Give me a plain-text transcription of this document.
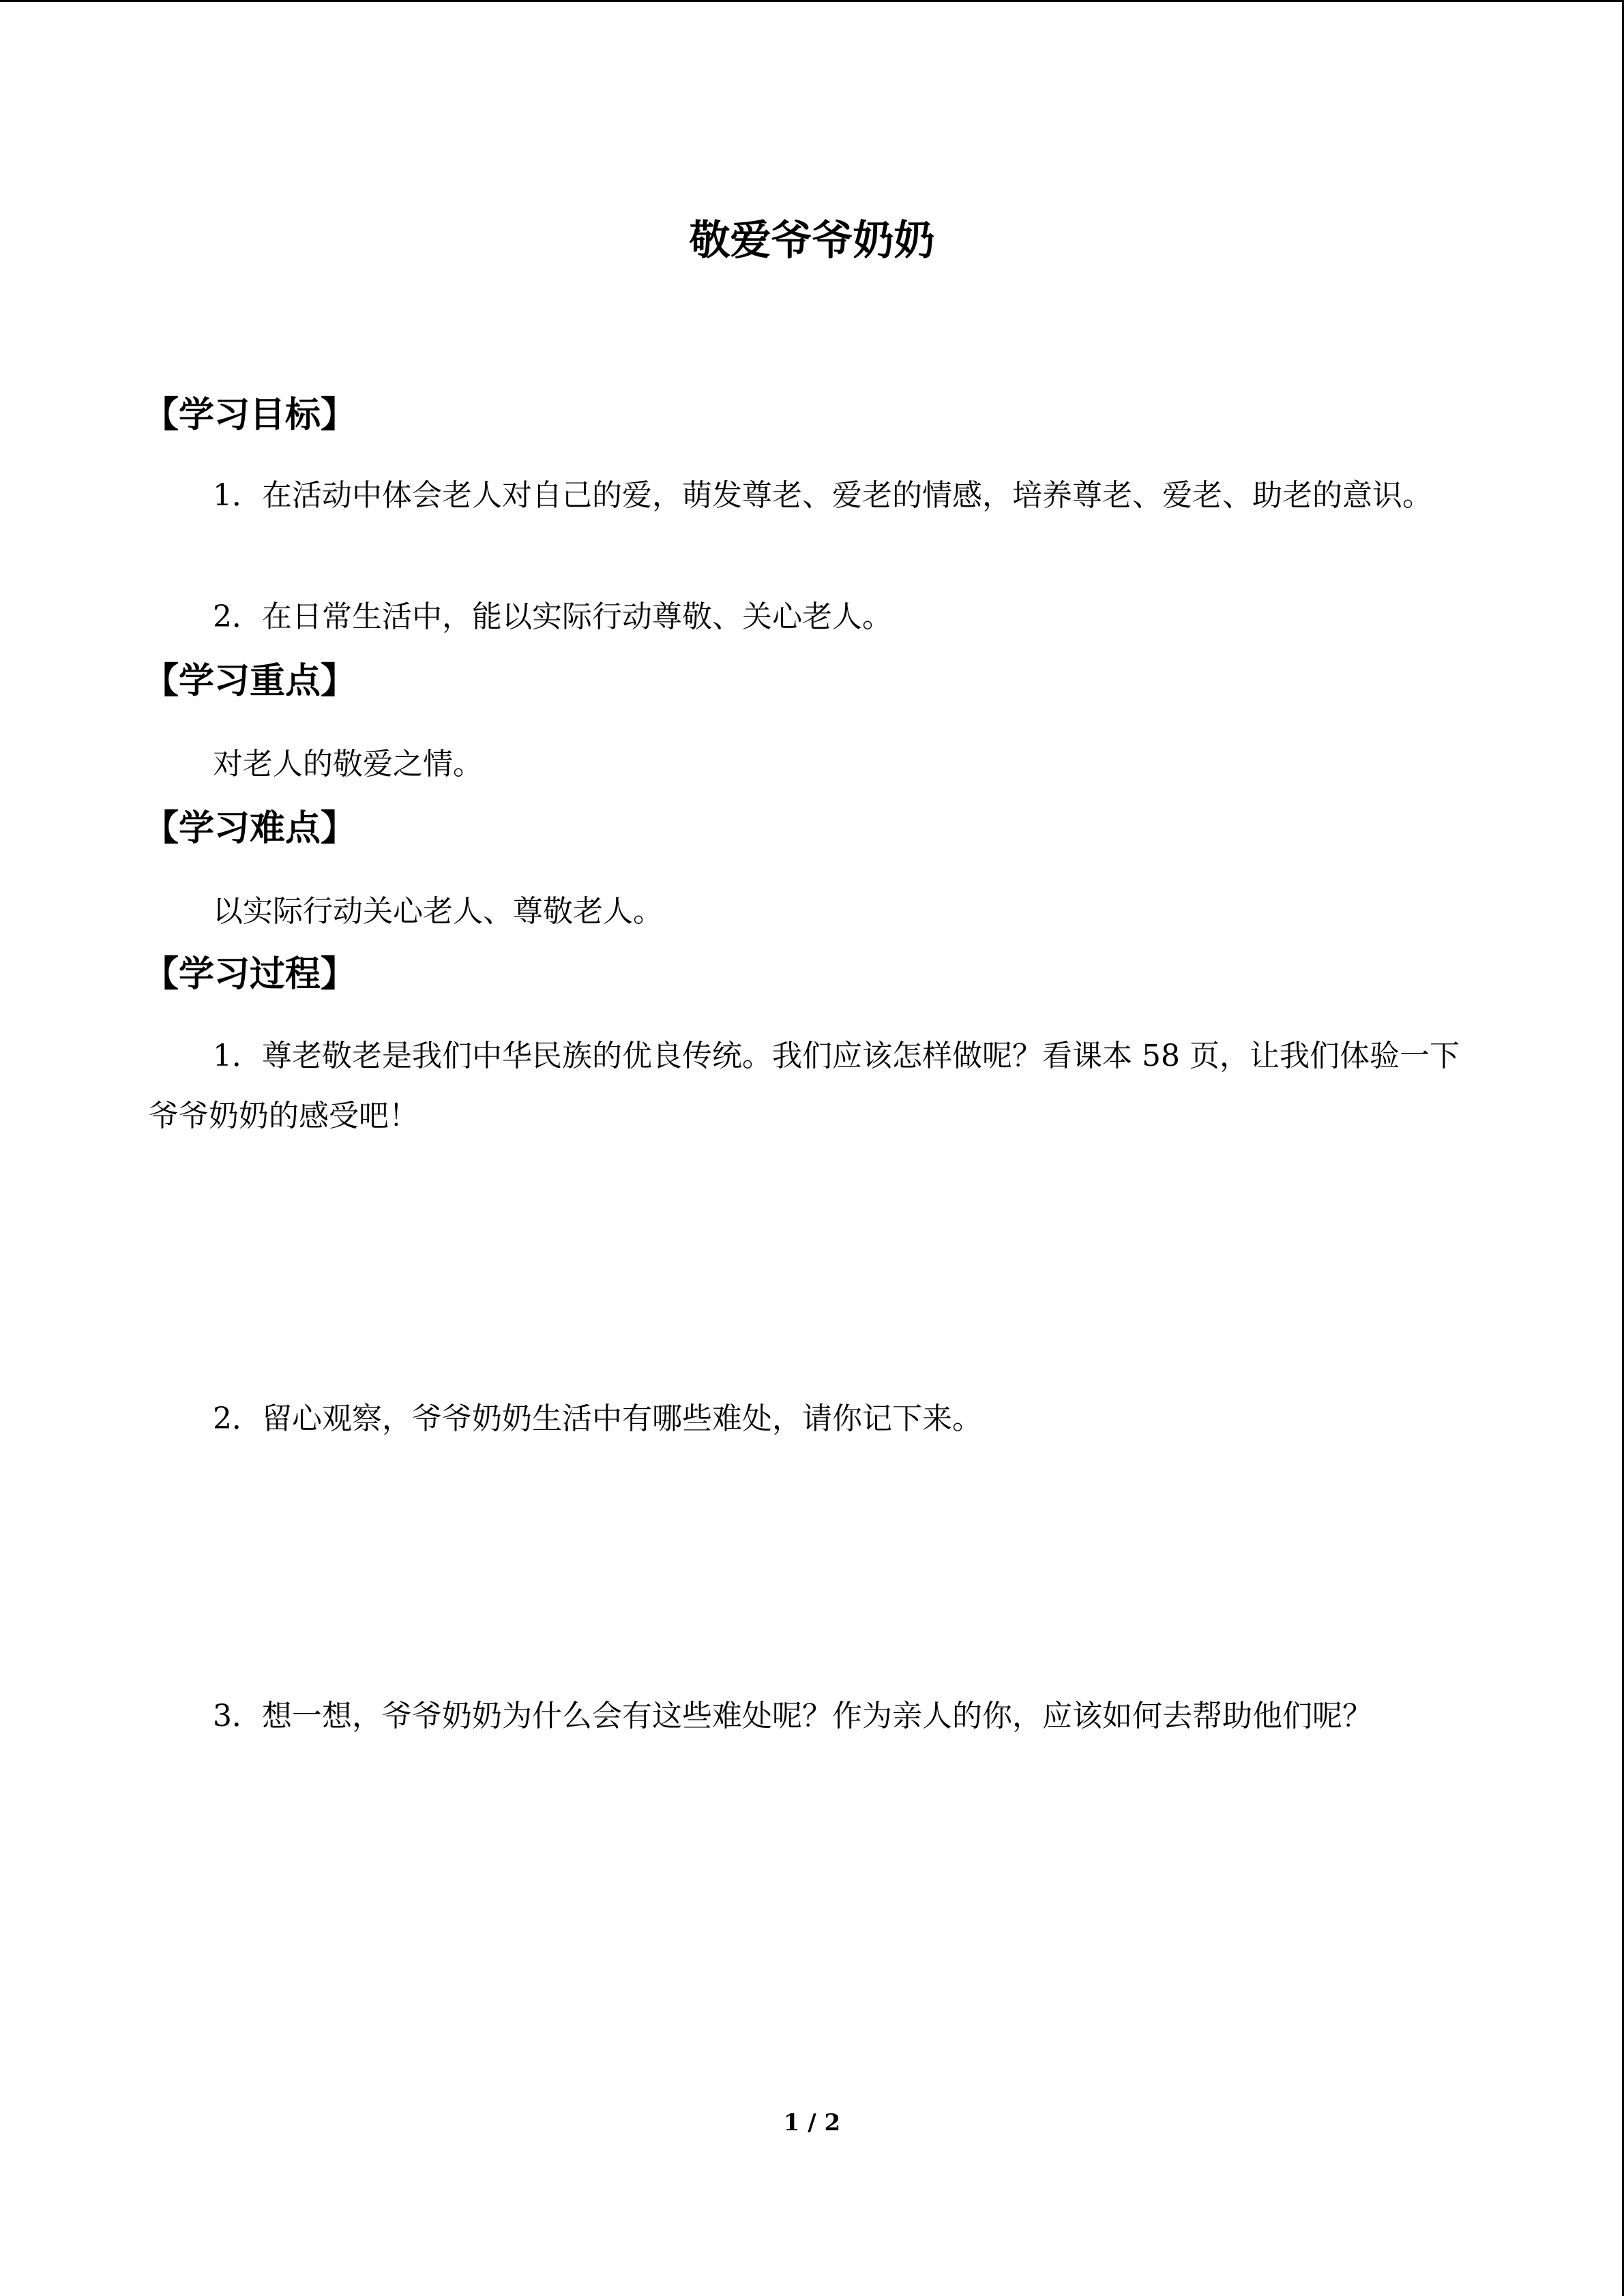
敬爱爷爷奶奶
【学习目标】

1．在活动中体会老人对自己的爱，萌发尊老、爱老的情感，培养尊老、爱老、助老的意识。

2．在日常生活中，能以实际行动尊敬、关心老人。

【学习重点】

对老人的敬爱之情。

【学习难点】

以实际行动关心老人、尊敬老人。

【学习过程】

1．尊老敬老是我们中华民族的优良传统。我们应该怎样做呢？看课本 58 页，让我们体验一下爷爷奶奶的感受吧！

2．留心观察，爷爷奶奶生活中有哪些难处，请你记下来。

3．想一想，爷爷奶奶为什么会有这些难处呢？作为亲人的你，应该如何去帮助他们呢？

1 / 2
